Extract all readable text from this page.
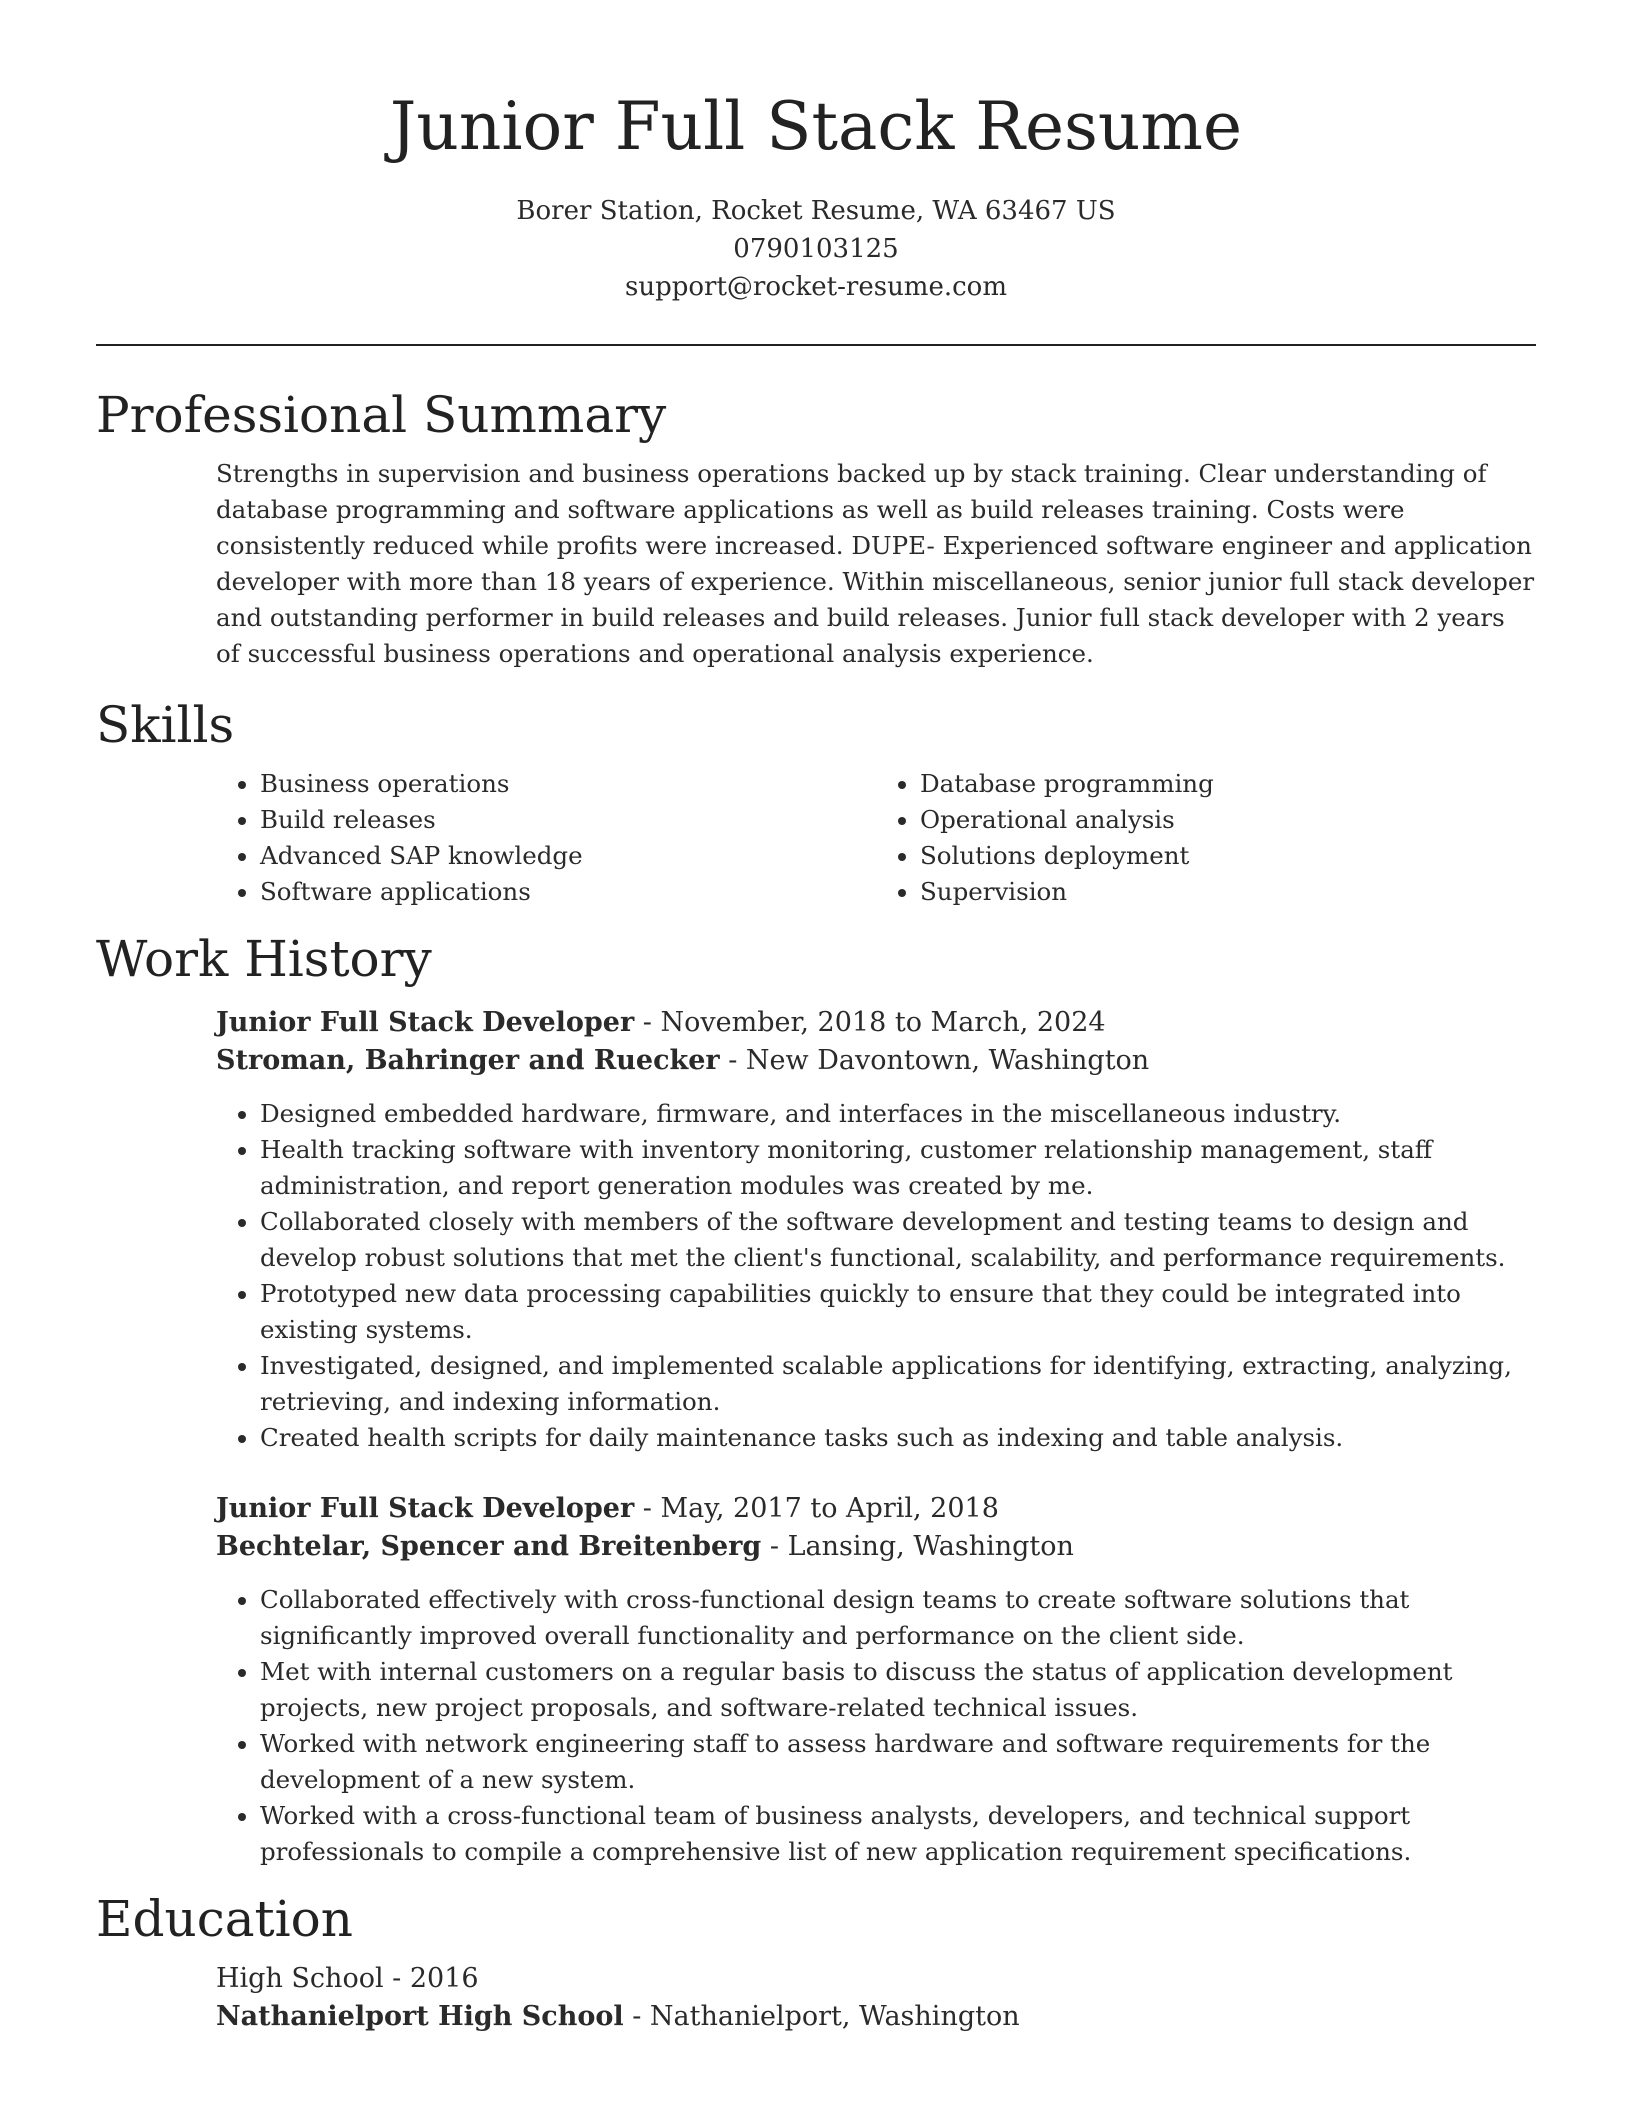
Junior Full Stack Resume
Borer Station, Rocket Resume, WA 63467 US
0790103125
support@rocket-resume.com
Professional Summary

Strengths in supervision and business operations backed up by stack training. Clear understanding of database programming and software applications as well as build releases training. Costs were consistently reduced while profits were increased. DUPE- Experienced software engineer and application developer with more than 18 years of experience. Within miscellaneous, senior junior full stack developer and outstanding performer in build releases and build releases. Junior full stack developer with 2 years of successful business operations and operational analysis experience.

Skills
• Business operations
• Build releases
• Advanced SAP knowledge
• Software applications
• Database programming
• Operational analysis
• Solutions deployment
• Supervision
Work History
Junior Full Stack Developer - November, 2018 to March, 2024
Stroman, Bahringer and Ruecker - New Davontown, Washington
• Designed embedded hardware, firmware, and interfaces in the miscellaneous industry.
• Health tracking software with inventory monitoring, customer relationship management, staff administration, and report generation modules was created by me.
• Collaborated closely with members of the software development and testing teams to design and develop robust solutions that met the client's functional, scalability, and performance requirements.
• Prototyped new data processing capabilities quickly to ensure that they could be integrated into existing systems.
• Investigated, designed, and implemented scalable applications for identifying, extracting, analyzing, retrieving, and indexing information.
• Created health scripts for daily maintenance tasks such as indexing and table analysis.
Junior Full Stack Developer - May, 2017 to April, 2018
Bechtelar, Spencer and Breitenberg - Lansing, Washington
• Collaborated effectively with cross-functional design teams to create software solutions that significantly improved overall functionality and performance on the client side.
• Met with internal customers on a regular basis to discuss the status of application development projects, new project proposals, and software-related technical issues.
• Worked with network engineering staff to assess hardware and software requirements for the development of a new system.
• Worked with a cross-functional team of business analysts, developers, and technical support professionals to compile a comprehensive list of new application requirement specifications.
Education
High School - 2016
Nathanielport High School - Nathanielport, Washington
